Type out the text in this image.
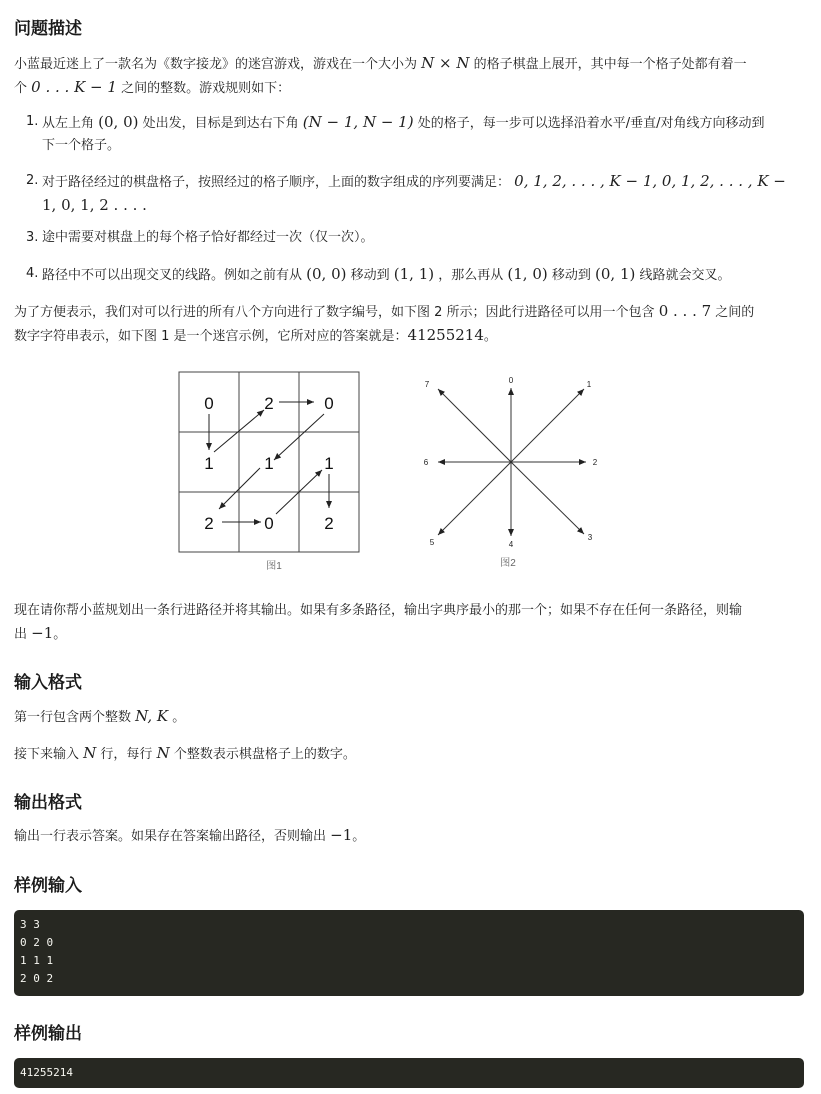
问题描述

小蓝最近迷上了一款名为《数字接龙》的迷宫游戏，游戏在一个大小为 N × N 的格子棋盘上展开，其中每一个格子处都有着一
个 0 . . . K − 1 之间的整数。游戏规则如下：

1. 从左上角 (0, 0) 处出发，目标是到达右下角 (N − 1, N − 1) 处的格子，每一步可以选择沿着水平/垂直/对角线方向移动到
下一个格子。
2. 对于路径经过的棋盘格子，按照经过的格子顺序，上面的数字组成的序列要满足： 0, 1, 2, . . . , K − 1, 0, 1, 2, . . . , K −
1, 0, 1, 2 . . . .
3. 途中需要对棋盘上的每个格子恰好都经过一次（仅一次）。
4. 路径中不可以出现交叉的线路。例如之前有从 (0, 0) 移动到 (1, 1) ，那么再从 (1, 0) 移动到 (0, 1) 线路就会交叉。

为了方便表示，我们对可以行进的所有八个方向进行了数字编号，如下图 2 所示；因此行进路径可以用一个包含 0 . . . 7 之间的
数字字符串表示，如下图 1 是一个迷宫示例，它所对应的答案就是：41255214。

0	2	0
1	1	1
2	0	2
图1
0	1
2
3
4
5
6
7
图2

现在请你帮小蓝规划出一条行进路径并将其输出。如果有多条路径，输出字典序最小的那一个；如果不存在任何一条路径，则输
出 −1。

输入格式

第一行包含两个整数 N, K 。

接下来输入 N 行，每行 N 个整数表示棋盘格子上的数字。

输出格式

输出一行表示答案。如果存在答案输出路径，否则输出 −1。

样例输入
3 3
0 2 0
1 1 1
2 0 2
样例输出
41255214
